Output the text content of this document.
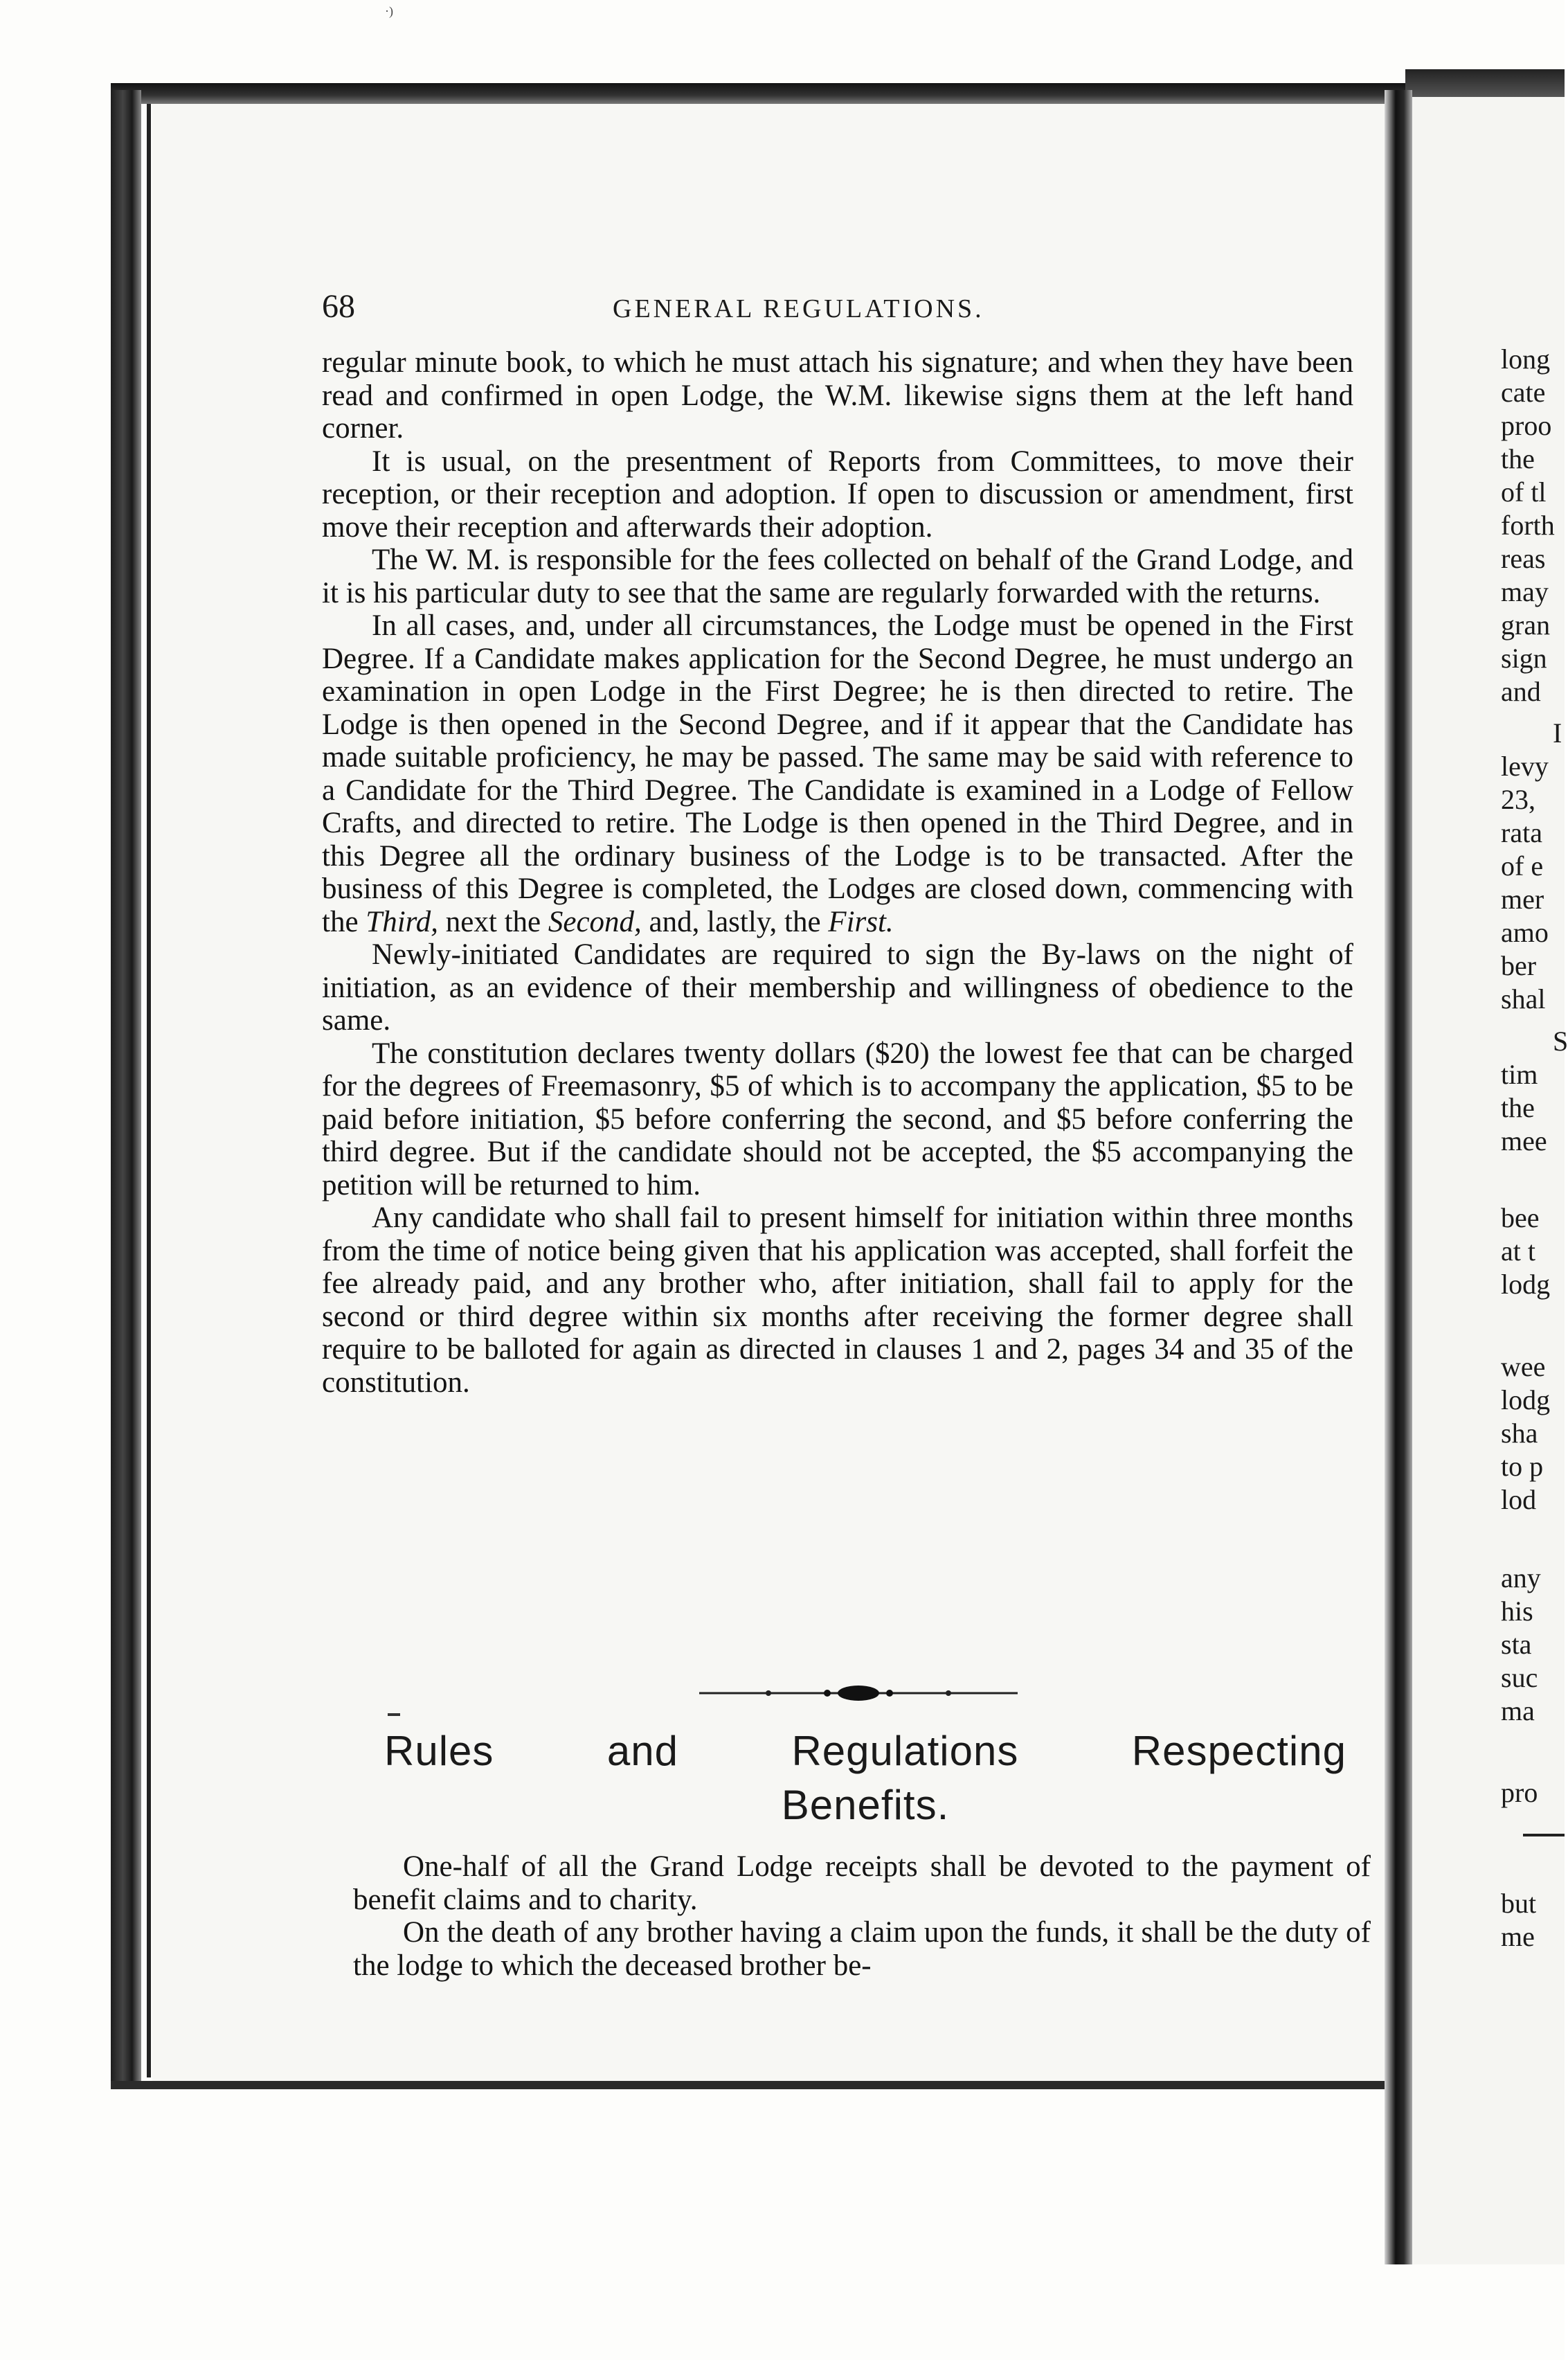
·)
68	GENERAL REGULATIONS.

regular minute book, to which he must attach his signature; and when they have been read and confirmed in open Lodge, the W.M. likewise signs them at the left hand corner.

It is usual, on the presentment of Reports from Committees, to move their reception, or their reception and adoption. If open to discussion or amendment, first move their reception and afterwards their adoption.

The W. M. is responsible for the fees collected on behalf of the Grand Lodge, and it is his particular duty to see that the same are regularly forwarded with the returns.

In all cases, and, under all circumstances, the Lodge must be opened in the First Degree. If a Candidate makes application for the Second Degree, he must undergo an examination in open Lodge in the First Degree; he is then directed to retire. The Lodge is then opened in the Second Degree, and if it appear that the Candidate has made suitable proficiency, he may be passed. The same may be said with reference to a Candidate for the Third Degree. The Candidate is examined in a Lodge of Fellow Crafts, and directed to retire. The Lodge is then opened in the Third Degree, and in this Degree all the ordinary business of the Lodge is to be transacted. After the business of this Degree is completed, the Lodges are closed down, commencing with the Third, next the Second, and, lastly, the First.

Newly-initiated Candidates are required to sign the By-laws on the night of initiation, as an evidence of their membership and willingness of obedience to the same.

The constitution declares twenty dollars ($20) the lowest fee that can be charged for the degrees of Freemasonry, $5 of which is to accompany the application, $5 to be paid before initiation, $5 before conferring the second, and $5 before conferring the third degree. But if the candidate should not be accepted, the $5 accompanying the petition will be returned to him.

Any candidate who shall fail to present himself for initiation within three months from the time of notice being given that his application was accepted, shall forfeit the fee already paid, and any brother who, after initiation, shall fail to apply for the second or third degree within six months after receiving the former degree shall require to be balloted for again as directed in clauses 1 and 2, pages 34 and 35 of the constitution.

Rules	and	Regulations	Respecting
Benefits.

One-half of all the Grand Lodge receipts shall be devoted to the payment of benefit claims and to charity.

On the death of any brother having a claim upon the funds, it shall be the duty of the lodge to which the deceased brother be-

long
cate
proo
the
of tl
forth
reas
may
gran
sign
and
I
levy
23,
rata
of e
mer
amo
ber
shal
S
tim
the
mee
bee
at t
lodg
wee
lodg
sha
to p
lod
any
his
sta
suc
ma
pro
but
me
